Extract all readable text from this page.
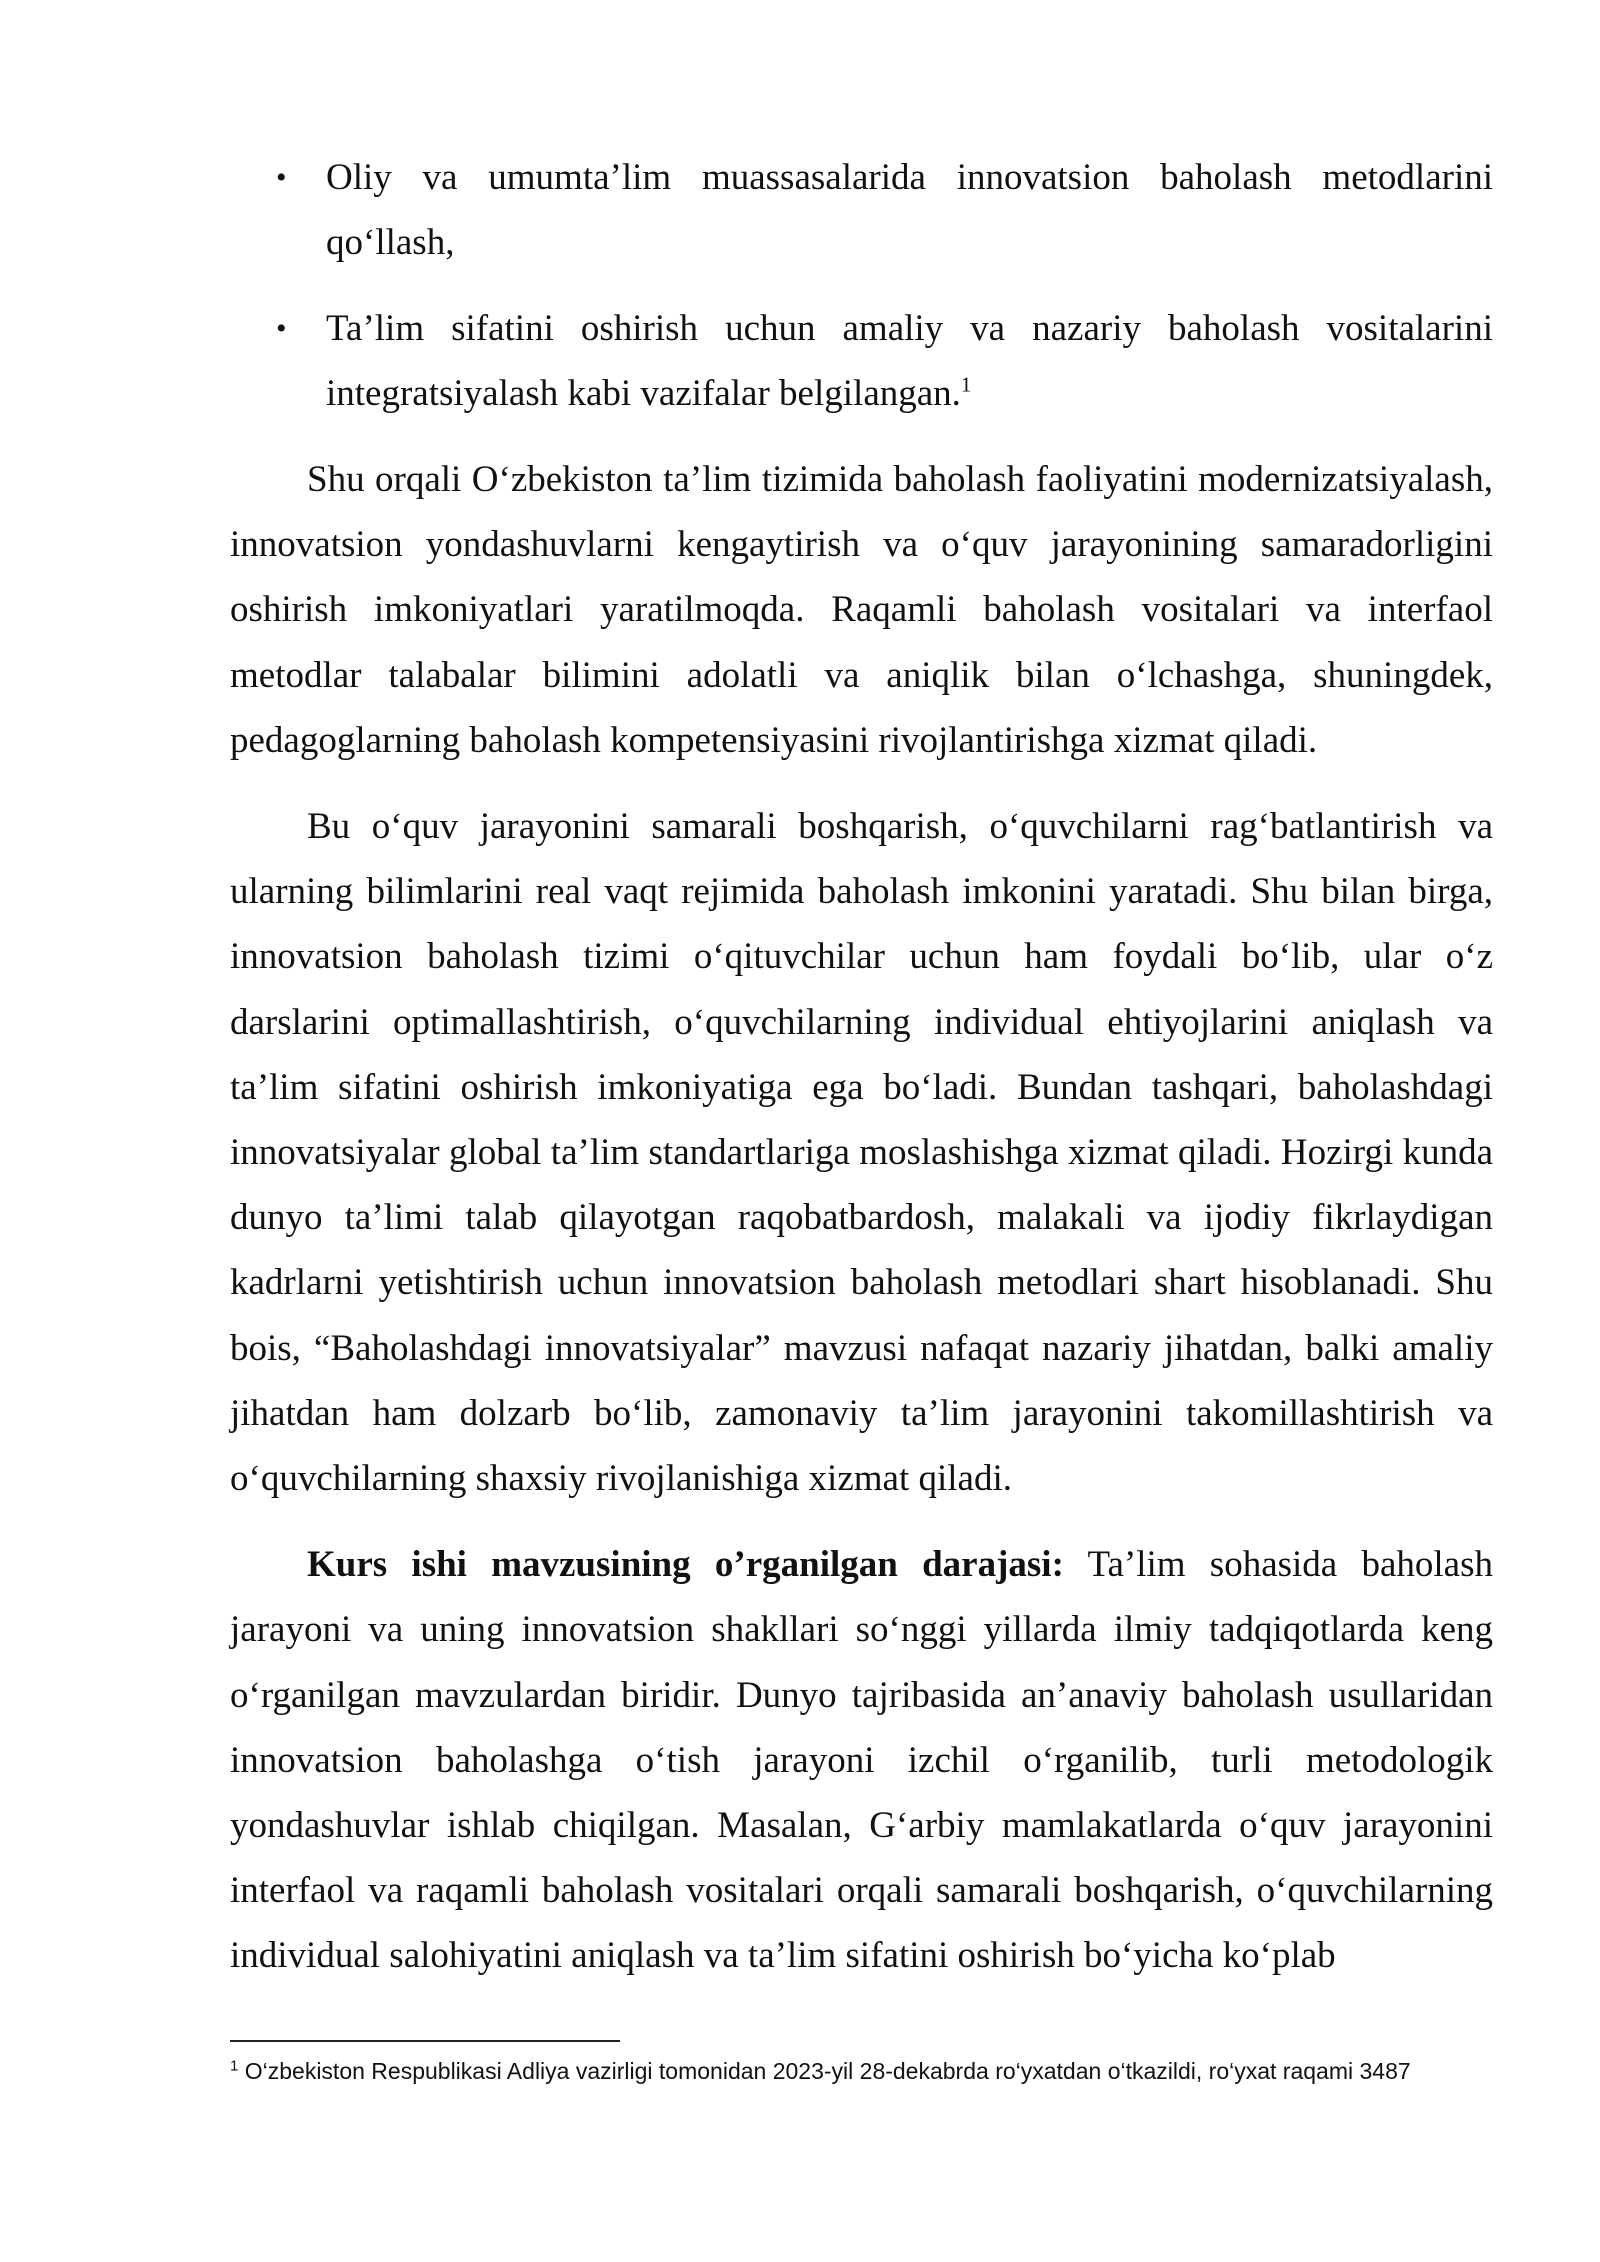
• Oliy va umumta’lim muassasalarida innovatsion baholash metodlarini qo‘llash,
• Ta’lim sifatini oshirish uchun amaliy va nazariy baholash vositalarini integratsiyalash kabi vazifalar belgilangan.$^1$

Shu orqali O‘zbekiston ta’lim tizimida baholash faoliyatini modernizatsiyalash, innovatsion yondashuvlarni kengaytirish va o‘quv jarayonining samaradorligini oshirish imkoniyatlari yaratilmoqda. Raqamli baholash vositalari va interfaol metodlar talabalar bilimini adolatli va aniqlik bilan o‘lchashga, shuningdek, pedagoglarning baholash kompetensiyasini rivojlantirishga xizmat qiladi.

Bu o‘quv jarayonini samarali boshqarish, o‘quvchilarni rag‘batlantirish va ularning bilimlarini real vaqt rejimida baholash imkonini yaratadi. Shu bilan birga, innovatsion baholash tizimi o‘qituvchilar uchun ham foydali bo‘lib, ular o‘z darslarini optimallashtirish, o‘quvchilarning individual ehtiyojlarini aniqlash va ta’lim sifatini oshirish imkoniyatiga ega bo‘ladi. Bundan tashqari, baholashdagi innovatsiyalar global ta’lim standartlariga moslashishga xizmat qiladi. Hozirgi kunda dunyo ta’limi talab qilayotgan raqobatbardosh, malakali va ijodiy fikrlaydigan kadrlarni yetishtirish uchun innovatsion baholash metodlari shart hisoblanadi. Shu bois, “Baholashdagi innovatsiyalar” mavzusi nafaqat nazariy jihatdan, balki amaliy jihatdan ham dolzarb bo‘lib, zamonaviy ta’lim jarayonini takomillashtirish va o‘quvchilarning shaxsiy rivojlanishiga xizmat qiladi.

Kurs ishi mavzusining o’rganilgan darajasi: Ta’lim sohasida baholash jarayoni va uning innovatsion shakllari so‘nggi yillarda ilmiy tadqiqotlarda keng o‘rganilgan mavzulardan biridir. Dunyo tajribasida an’anaviy baholash usullaridan innovatsion baholashga o‘tish jarayoni izchil o‘rganilib, turli metodologik yondashuvlar ishlab chiqilgan. Masalan, G‘arbiy mamlakatlarda o‘quv jarayonini interfaol va raqamli baholash vositalari orqali samarali boshqarish, o‘quvchilarning individual salohiyatini aniqlash va ta’lim sifatini oshirish bo‘yicha ko‘plab

$^1$ O‘zbekiston Respublikasi Adliya vazirligi tomonidan 2023-yil 28-dekabrda ro‘yxatdan o‘tkazildi, ro‘yxat raqami 3487
